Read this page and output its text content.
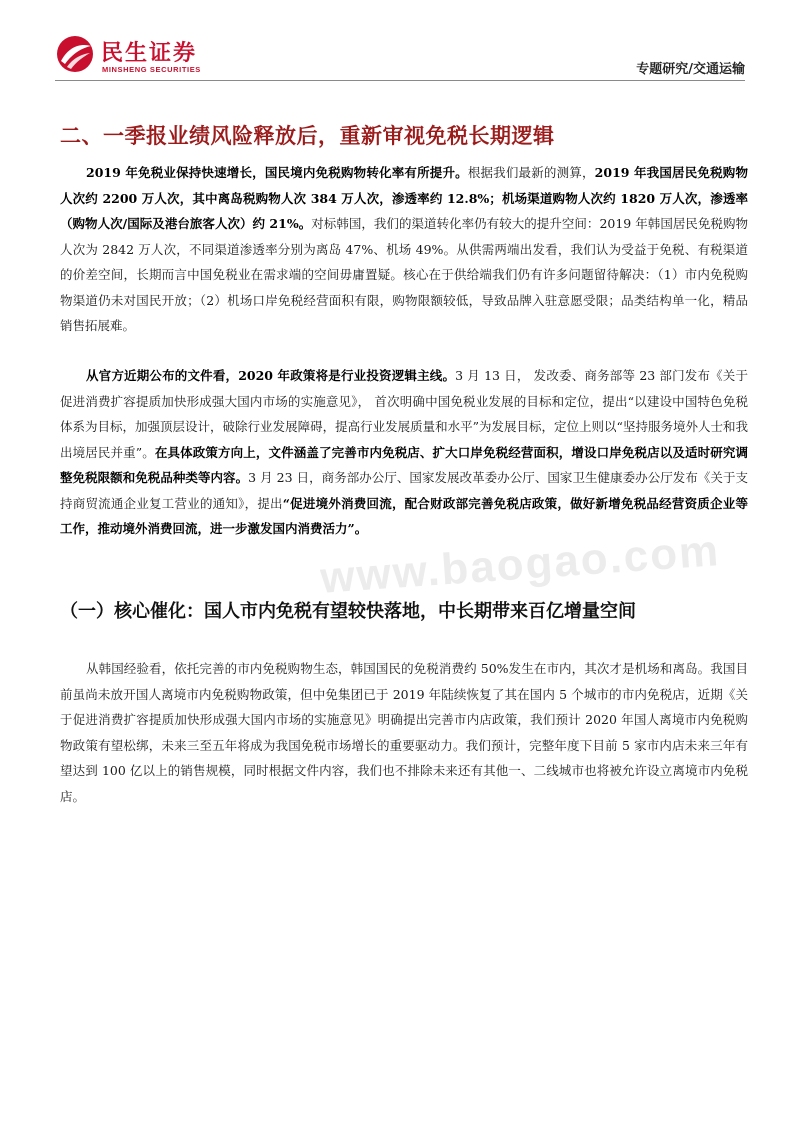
民生证券
MINSHENG SECURITIES	专题研究/交通运输
www.baogao.com
二、一季报业绩风险释放后，重新审视免税长期逻辑

2019 年免税业保持快速增长，国民境内免税购物转化率有所提升。根据我们最新的测算，2019 年我国居民免税购物人次约 2200 万人次，其中离岛税购物人次 384 万人次，渗透率约 12.8%；机场渠道购物人次约 1820 万人次，渗透率（购物人次/国际及港台旅客人次）约 21%。对标韩国，我们的渠道转化率仍有较大的提升空间：2019 年韩国居民免税购物人次为 2842 万人次，不同渠道渗透率分别为离岛 47%、机场 49%。从供需两端出发看，我们认为受益于免税、有税渠道的价差空间，长期而言中国免税业在需求端的空间毋庸置疑。核心在于供给端我们仍有许多问题留待解决：（1）市内免税购物渠道仍未对国民开放；（2）机场口岸免税经营面积有限，购物限额较低，导致品牌入驻意愿受限；品类结构单一化，精品销售拓展难。

从官方近期公布的文件看，2020 年政策将是行业投资逻辑主线。3 月 13 日， 发改委、商务部等 23 部门发布《关于促进消费扩容提质加快形成强大国内市场的实施意见》， 首次明确中国免税业发展的目标和定位，提出“以建设中国特色免税体系为目标，加强顶层设计，破除行业发展障碍，提高行业发展质量和水平”为发展目标，定位上则以“坚持服务境外人士和我出境居民并重”。在具体政策方向上，文件涵盖了完善市内免税店、扩大口岸免税经营面积，增设口岸免税店以及适时研究调整免税限额和免税品种类等内容。3 月 23 日，商务部办公厅、国家发展改革委办公厅、国家卫生健康委办公厅发布《关于支持商贸流通企业复工营业的通知》，提出“促进境外消费回流，配合财政部完善免税店政策，做好新增免税品经营资质企业等工作，推动境外消费回流，进一步激发国内消费活力”。

（一）核心催化：国人市内免税有望较快落地，中长期带来百亿增量空间

从韩国经验看，依托完善的市内免税购物生态，韩国国民的免税消费约 50%发生在市内，其次才是机场和离岛。我国目前虽尚未放开国人离境市内免税购物政策，但中免集团已于 2019 年陆续恢复了其在国内 5 个城市的市内免税店，近期《关于促进消费扩容提质加快形成强大国内市场的实施意见》明确提出完善市内店政策，我们预计 2020 年国人离境市内免税购物政策有望松绑，未来三至五年将成为我国免税市场增长的重要驱动力。我们预计，完整年度下目前 5 家市内店未来三年有望达到 100 亿以上的销售规模，同时根据文件内容，我们也不排除未来还有其他一、二线城市也将被允许设立离境市内免税店。
